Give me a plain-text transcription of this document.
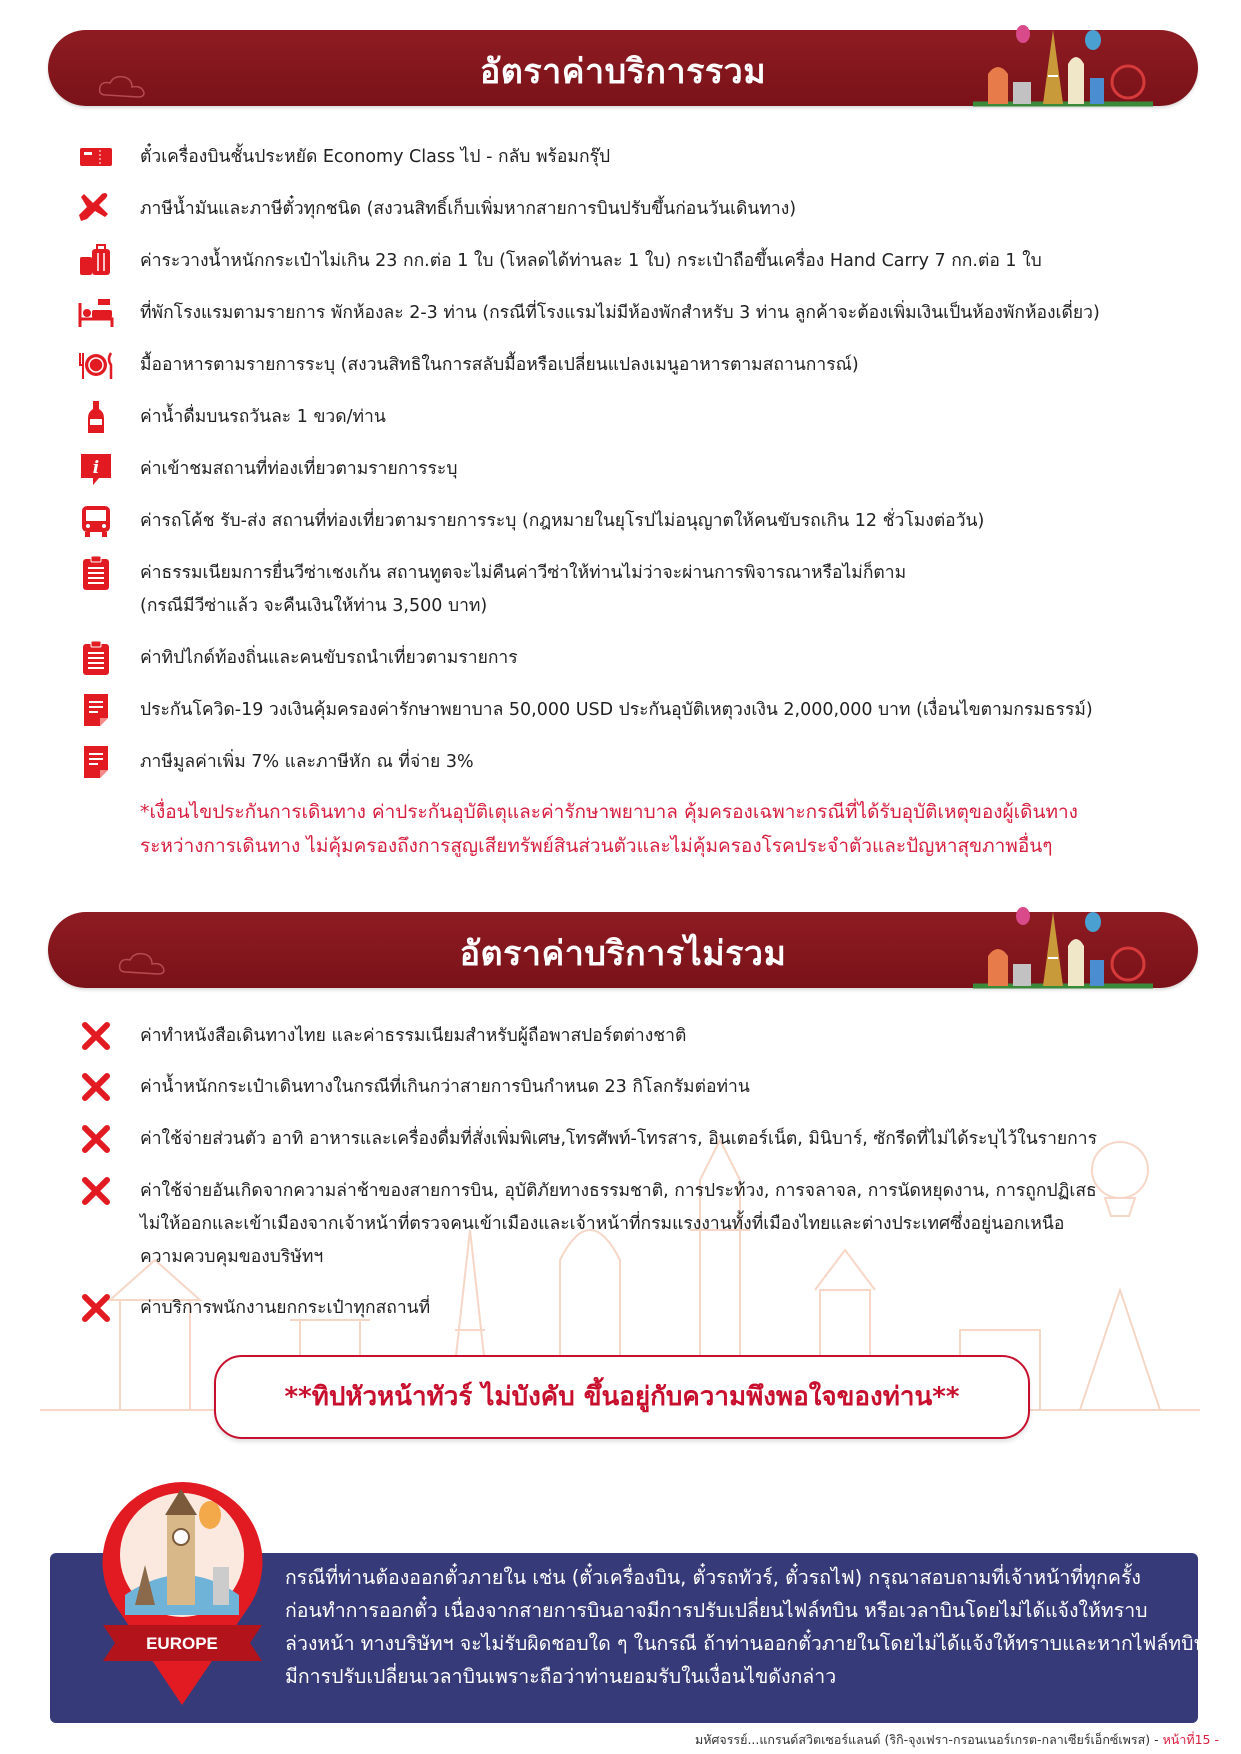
อัตราค่าบริการรวม
ตั๋วเครื่องบินชั้นประหยัด Economy Class ไป - กลับ พร้อมกรุ๊ป
ภาษีน้ำมันและภาษีตั๋วทุกชนิด (สงวนสิทธิ์เก็บเพิ่มหากสายการบินปรับขึ้นก่อนวันเดินทาง)
ค่าระวางน้ำหนักกระเป๋าไม่เกิน 23 กก.ต่อ 1 ใบ (โหลดได้ท่านละ 1 ใบ) กระเป๋าถือขึ้นเครื่อง Hand Carry 7 กก.ต่อ 1 ใบ
ที่พักโรงแรมตามรายการ พักห้องละ 2-3 ท่าน (กรณีที่โรงแรมไม่มีห้องพักสำหรับ 3 ท่าน ลูกค้าจะต้องเพิ่มเงินเป็นห้องพักห้องเดี่ยว)
มื้ออาหารตามรายการระบุ (สงวนสิทธิในการสลับมื้อหรือเปลี่ยนแปลงเมนูอาหารตามสถานการณ์)
ค่าน้ำดื่มบนรถวันละ 1 ขวด/ท่าน
i ค่าเข้าชมสถานที่ท่องเที่ยวตามรายการระบุ
ค่ารถโค้ช รับ-ส่ง สถานที่ท่องเที่ยวตามรายการระบุ (กฎหมายในยุโรปไม่อนุญาตให้คนขับรถเกิน 12 ชั่วโมงต่อวัน)
ค่าธรรมเนียมการยื่นวีซ่าเชงเก้น สถานทูตจะไม่คืนค่าวีซ่าให้ท่านไม่ว่าจะผ่านการพิจารณาหรือไม่ก็ตาม
(กรณีมีวีซ่าแล้ว จะคืนเงินให้ท่าน 3,500 บาท)
ค่าทิปไกด์ท้องถิ่นและคนขับรถนำเที่ยวตามรายการ
ประกันโควิด-19 วงเงินคุ้มครองค่ารักษาพยาบาล 50,000 USD ประกันอุบัติเหตุวงเงิน 2,000,000 บาท (เงื่อนไขตามกรมธรรม์)
ภาษีมูลค่าเพิ่ม 7% และภาษีหัก ณ ที่จ่าย 3%
*เงื่อนไขประกันการเดินทาง ค่าประกันอุบัติเตุและค่ารักษาพยาบาล คุ้มครองเฉพาะกรณีที่ได้รับอุบัติเหตุของผู้เดินทาง
ระหว่างการเดินทาง ไม่คุ้มครองถึงการสูญเสียทรัพย์สินส่วนตัวและไม่คุ้มครองโรคประจำตัวและปัญหาสุขภาพอื่นๆ
อัตราค่าบริการไม่รวม
ค่าทำหนังสือเดินทางไทย และค่าธรรมเนียมสำหรับผู้ถือพาสปอร์ตต่างชาติ
ค่าน้ำหนักกระเป๋าเดินทางในกรณีที่เกินกว่าสายการบินกำหนด 23 กิโลกรัมต่อท่าน
ค่าใช้จ่ายส่วนตัว อาทิ อาหารและเครื่องดื่มที่สั่งเพิ่มพิเศษ,โทรศัพท์-โทรสาร, อินเตอร์เน็ต, มินิบาร์, ซักรีดที่ไม่ได้ระบุไว้ในรายการ
ค่าใช้จ่ายอันเกิดจากความล่าช้าของสายการบิน, อุบัติภัยทางธรรมชาติ, การประท้วง, การจลาจล, การนัดหยุดงาน, การถูกปฏิเสธ
ไม่ให้ออกและเข้าเมืองจากเจ้าหน้าที่ตรวจคนเข้าเมืองและเจ้าหน้าที่กรมแรงงานทั้งที่เมืองไทยและต่างประเทศซึ่งอยู่นอกเหนือ
ความควบคุมของบริษัทฯ
ค่าบริการพนักงานยกกระเป๋าทุกสถานที่
**ทิปหัวหน้าทัวร์ ไม่บังคับ ขึ้นอยู่กับความพึงพอใจของท่าน**
กรณีที่ท่านต้องออกตั๋วภายใน เช่น (ตั๋วเครื่องบิน, ตั๋วรถทัวร์, ตั๋วรถไฟ) กรุณาสอบถามที่เจ้าหน้าที่ทุกครั้ง
ก่อนทำการออกตั๋ว เนื่องจากสายการบินอาจมีการปรับเปลี่ยนไฟล์ทบิน หรือเวลาบินโดยไม่ได้แจ้งให้ทราบ
ล่วงหน้า ทางบริษัทฯ จะไม่รับผิดชอบใด ๆ ในกรณี ถ้าท่านออกตั๋วภายในโดยไม่ได้แจ้งให้ทราบและหากไฟล์ทบิน
มีการปรับเปลี่ยนเวลาบินเพราะถือว่าท่านยอมรับในเงื่อนไขดังกล่าว
EUROPE
มหัศจรรย์...แกรนด์สวิตเซอร์แลนด์ (ริกิ-จุงเฟรา-กรอนเนอร์เกรต-กลาเซียร์เอ็กซ์เพรส) - หน้าที่15 -
